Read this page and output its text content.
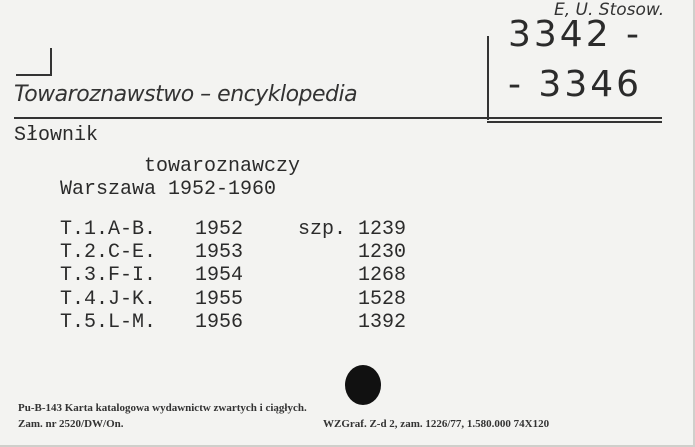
Towaroznawstwo – encyklopedia
E, U. Stosow.
3342 -
- 3346
Słownik
towaroznawczy
Warszawa 1952-1960
T.1.A-B. 1952	szp. 1239
T.2.C-E. 1953	1230
T.3.F-I. 1954	1268
T.4.J-K. 1955	1528
T.5.L-M. 1956	1392
Pu-B-143 Karta katalogowa wydawnictw zwartych i ciągłych.
Zam. nr 2520/DW/On.	WZGraf. Z-d 2, zam. 1226/77, 1.580.000 74X120
